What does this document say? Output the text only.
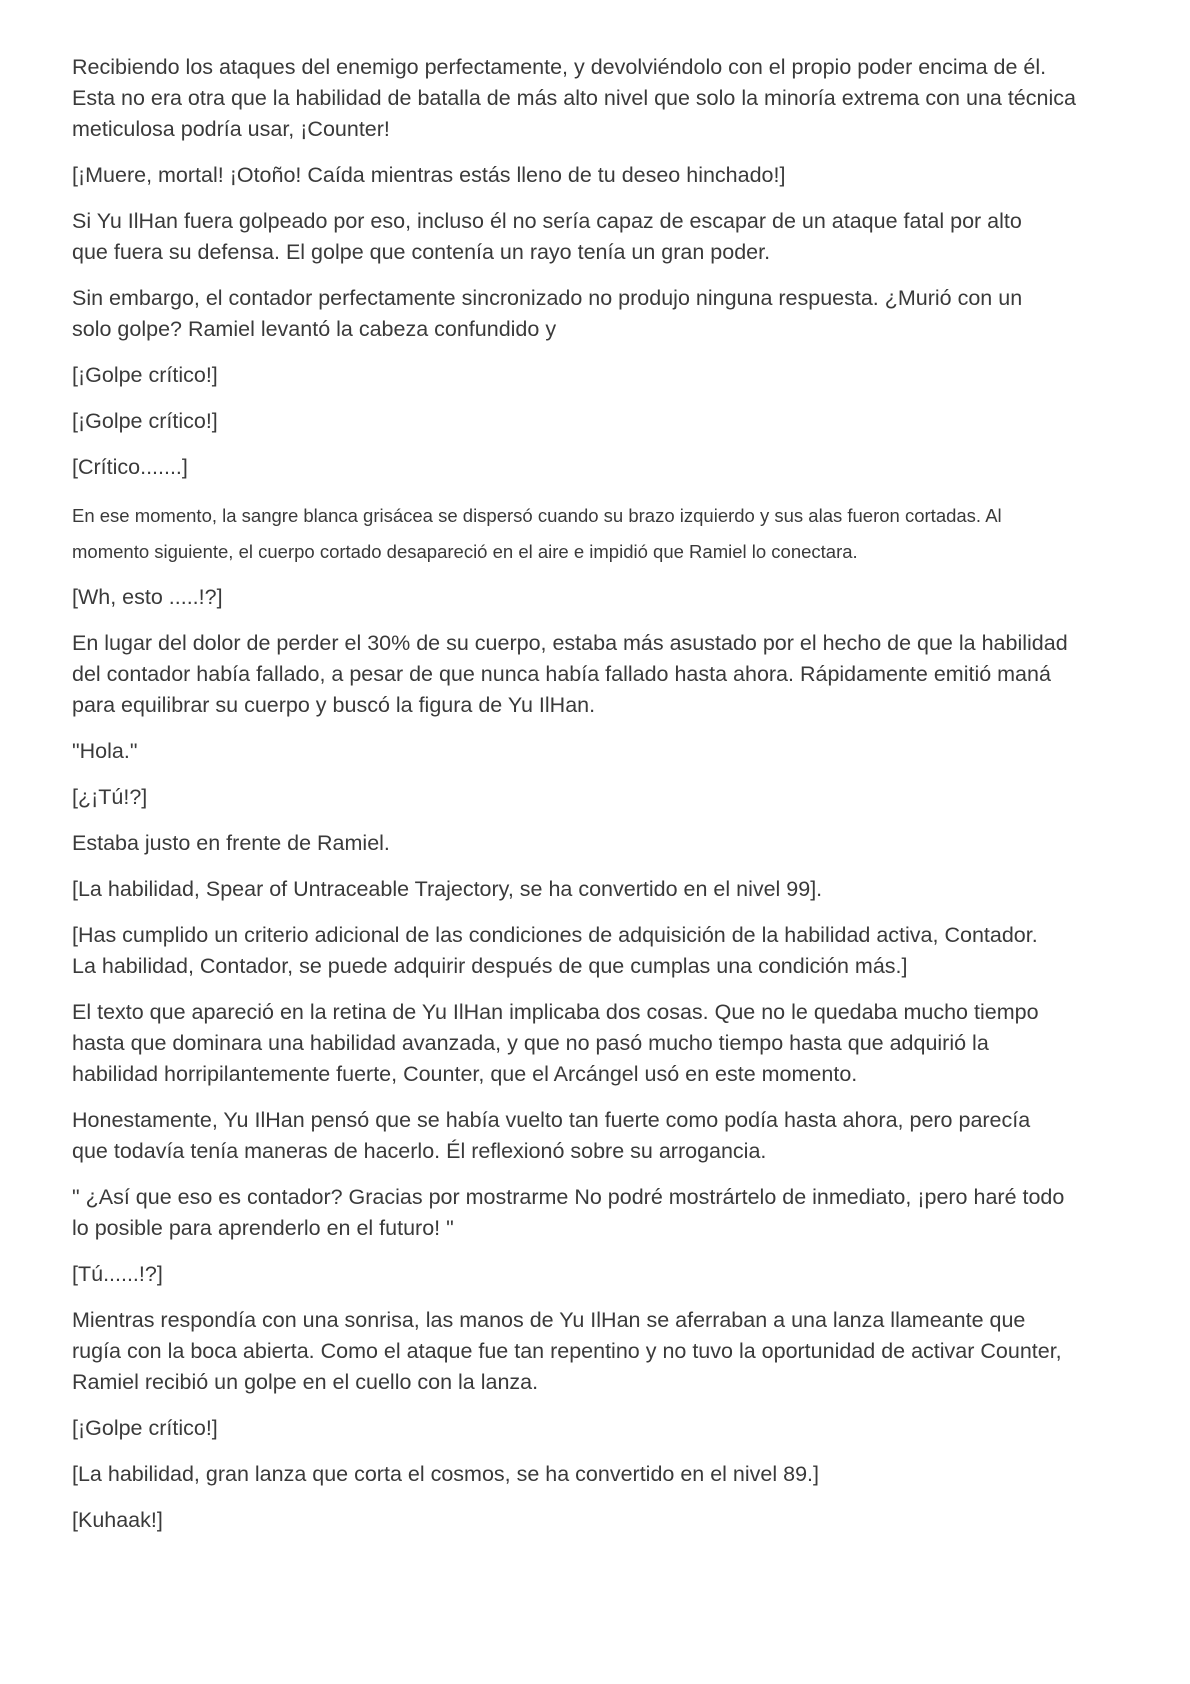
Recibiendo los ataques del enemigo perfectamente, y devolviéndolo con el propio poder encima de él.
Esta no era otra que la habilidad de batalla de más alto nivel que solo la minoría extrema con una técnica
meticulosa podría usar, ¡Counter!

[¡Muere, mortal! ¡Otoño! Caída mientras estás lleno de tu deseo hinchado!]

Si Yu IlHan fuera golpeado por eso, incluso él no sería capaz de escapar de un ataque fatal por alto
que fuera su defensa. El golpe que contenía un rayo tenía un gran poder.

Sin embargo, el contador perfectamente sincronizado no produjo ninguna respuesta. ¿Murió con un
solo golpe? Ramiel levantó la cabeza confundido y

[¡Golpe crítico!]

[¡Golpe crítico!]

[Crítico.......]

En ese momento, la sangre blanca grisácea se dispersó cuando su brazo izquierdo y sus alas fueron cortadas. Al
momento siguiente, el cuerpo cortado desapareció en el aire e impidió que Ramiel lo conectara.

[Wh, esto .....!?]

En lugar del dolor de perder el 30% de su cuerpo, estaba más asustado por el hecho de que la habilidad
del contador había fallado, a pesar de que nunca había fallado hasta ahora. Rápidamente emitió maná
para equilibrar su cuerpo y buscó la figura de Yu IlHan.

"Hola."

[¿¡Tú!?]

Estaba justo en frente de Ramiel.

[La habilidad, Spear of Untraceable Trajectory, se ha convertido en el nivel 99].

[Has cumplido un criterio adicional de las condiciones de adquisición de la habilidad activa, Contador.
La habilidad, Contador, se puede adquirir después de que cumplas una condición más.]

El texto que apareció en la retina de Yu IlHan implicaba dos cosas. Que no le quedaba mucho tiempo
hasta que dominara una habilidad avanzada, y que no pasó mucho tiempo hasta que adquirió la
habilidad horripilantemente fuerte, Counter, que el Arcángel usó en este momento.

Honestamente, Yu IlHan pensó que se había vuelto tan fuerte como podía hasta ahora, pero parecía
que todavía tenía maneras de hacerlo. Él reflexionó sobre su arrogancia.

" ¿Así que eso es contador? Gracias por mostrarme No podré mostrártelo de inmediato, ¡pero haré todo
lo posible para aprenderlo en el futuro! "

[Tú......!?]

Mientras respondía con una sonrisa, las manos de Yu IlHan se aferraban a una lanza llameante que
rugía con la boca abierta. Como el ataque fue tan repentino y no tuvo la oportunidad de activar Counter,
Ramiel recibió un golpe en el cuello con la lanza.

[¡Golpe crítico!]

[La habilidad, gran lanza que corta el cosmos, se ha convertido en el nivel 89.]

[Kuhaak!]
